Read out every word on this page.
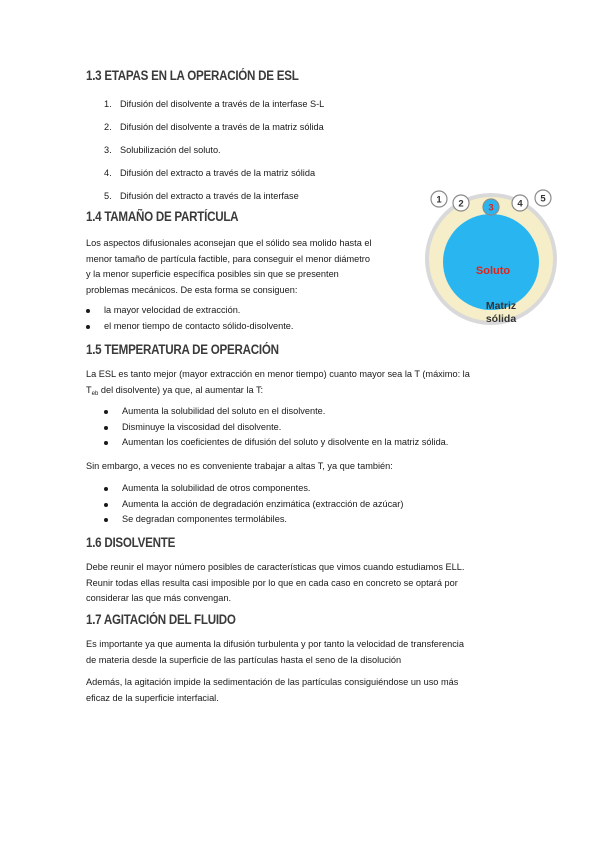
1.3 ETAPAS EN LA OPERACIÓN DE ESL
1. Difusión del disolvente a través de la interfase S-L
2. Difusión del disolvente a través de la matriz sólida
3. Solubilización del soluto.
4. Difusión del extracto a través de la matriz sólida
5. Difusión del extracto a través de la interfase
1.4 TAMAÑO DE PARTÍCULA
Los aspectos difusionales aconsejan que el sólido sea molido hasta el
menor tamaño de partícula factible, para conseguir el menor diámetro
y la menor superficie específica posibles sin que se presenten
problemas mecánicos. De esta forma se consiguen:
la mayor velocidad de extracción.
el menor tiempo de contacto sólido-disolvente.
Soluto
Matriz
sólida
1 2	3 4 5
1.5 TEMPERATURA DE OPERACIÓN
La ESL es tanto mejor (mayor extracción en menor tiempo) cuanto mayor sea la T (máximo: la
$T_{eb}$ del disolvente) ya que, al aumentar la T:
Aumenta la solubilidad del soluto en el disolvente.
Disminuye la viscosidad del disolvente.
Aumentan los coeficientes de difusión del soluto y disolvente en la matriz sólida.
Sin embargo, a veces no es conveniente trabajar a altas T, ya que también:
Aumenta la solubilidad de otros componentes.
Aumenta la acción de degradación enzimática (extracción de azúcar)
Se degradan componentes termolábiles.
1.6 DISOLVENTE
Debe reunir el mayor número posibles de características que vimos cuando estudiamos ELL.
Reunir todas ellas resulta casi imposible por lo que en cada caso en concreto se optará por
considerar las que más convengan.
1.7 AGITACIÓN DEL FLUIDO
Es importante ya que aumenta la difusión turbulenta y por tanto la velocidad de transferencia
de materia desde la superficie de las partículas hasta el seno de la disolución
Además, la agitación impide la sedimentación de las partículas consiguiéndose un uso más
eficaz de la superficie interfacial.
